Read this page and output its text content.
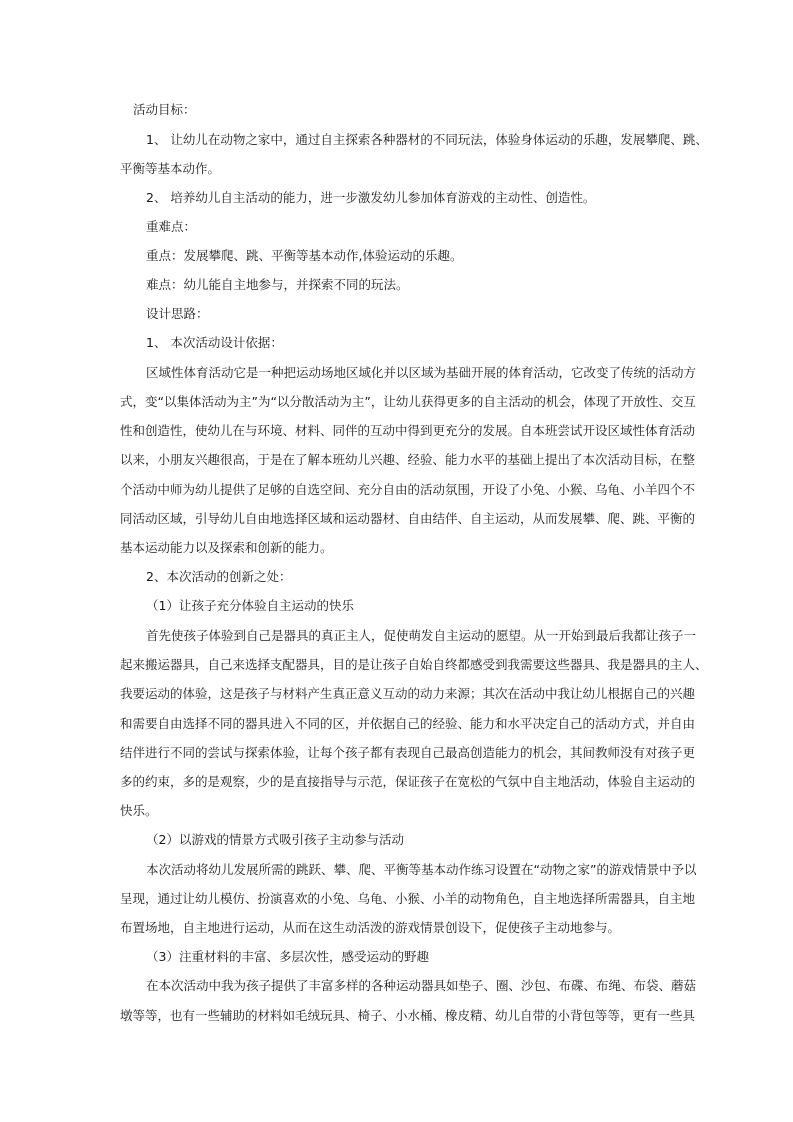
活动目标：
1、 让幼儿在动物之家中，通过自主探索各种器材的不同玩法，体验身体运动的乐趣，发展攀爬、跳、
平衡等基本动作。
2、 培养幼儿自主活动的能力，进一步激发幼儿参加体育游戏的主动性、创造性。
重难点：
重点：发展攀爬、跳、平衡等基本动作,体验运动的乐趣。
难点：幼儿能自主地参与，并探索不同的玩法。
设计思路：
1、 本次活动设计依据：
区域性体育活动它是一种把运动场地区域化并以区域为基础开展的体育活动，它改变了传统的活动方
式，变“以集体活动为主”为“以分散活动为主”，让幼儿获得更多的自主活动的机会，体现了开放性、交互
性和创造性，使幼儿在与环境、材料、同伴的互动中得到更充分的发展。自本班尝试开设区域性体育活动
以来，小朋友兴趣很高，于是在了解本班幼儿兴趣、经验、能力水平的基础上提出了本次活动目标，在整
个活动中师为幼儿提供了足够的自选空间、充分自由的活动氛围，开设了小兔、小猴、乌龟、小羊四个不
同活动区域，引导幼儿自由地选择区域和运动器材、自由结伴、自主运动，从而发展攀、爬、跳、平衡的
基本运动能力以及探索和创新的能力。
2、本次活动的创新之处：
（1）让孩子充分体验自主运动的快乐
首先使孩子体验到自己是器具的真正主人，促使萌发自主运动的愿望。从一开始到最后我都让孩子一
起来搬运器具，自己来选择支配器具，目的是让孩子自始自终都感受到我需要这些器具、我是器具的主人、
我要运动的体验，这是孩子与材料产生真正意义互动的动力来源；其次在活动中我让幼儿根据自己的兴趣
和需要自由选择不同的器具进入不同的区，并依据自己的经验、能力和水平决定自己的活动方式，并自由
结伴进行不同的尝试与探索体验，让每个孩子都有表现自己最高创造能力的机会，其间教师没有对孩子更
多的约束，多的是观察，少的是直接指导与示范，保证孩子在宽松的气氛中自主地活动，体验自主运动的
快乐。
（2）以游戏的情景方式吸引孩子主动参与活动
本次活动将幼儿发展所需的跳跃、攀、爬、平衡等基本动作练习设置在“动物之家”的游戏情景中予以
呈现，通过让幼儿模仿、扮演喜欢的小兔、乌龟、小猴、小羊的动物角色，自主地选择所需器具，自主地
布置场地，自主地进行运动，从而在这生动活泼的游戏情景创设下，促使孩子主动地参与。
（3）注重材料的丰富、多层次性，感受运动的野趣
在本次活动中我为孩子提供了丰富多样的各种运动器具如垫子、圈、沙包、布碟、布绳、布袋、蘑菇
墩等等，也有一些辅助的材料如毛绒玩具、椅子、小水桶、橡皮精、幼儿自带的小背包等等，更有一些具
